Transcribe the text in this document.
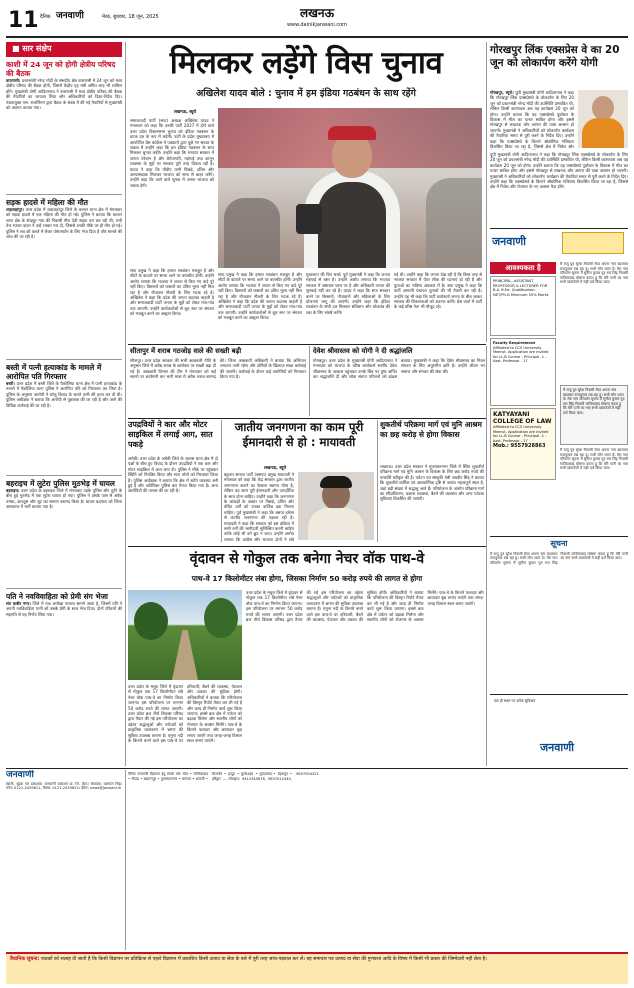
11 दैनिक जनवाणी	मेरठ, बुधवार, 18 जून, 2025	लखनऊ
www.dainikjanwani.com
■ सार संक्षेप
काशी में 24 जून को होगी क्षेत्रीय परिषद की बैठक
वाराणसी। प्रधानमंत्री नरेन्द्र मोदी के संसदीय क्षेत्र वाराणसी में 24 जून को मध्य क्षेत्रीय परिषद की बैठक होगी, जिसमें केंद्रीय गृह मंत्री अमित शाह भी शामिल होंगे। मुख्यमंत्री योगी आदित्यनाथ ने वाराणसी में मध्य क्षेत्रीय परिषद की बैठक की तैयारियों का जायजा लिया और अधिकारियों को दिशा-निर्देश दिए। मंडलायुक्त एस. राजलिंगम द्वारा बैठक के संबंध में की गई तैयारियों से मुख्यमंत्री को अवगत कराया गया।
सड़क हादसे में महिला की मौत
शाहजहांपुर। उत्तर प्रदेश में शाहजहांपुर जिले के कलान थाना क्षेत्र में मंगलवार को सड़क हादसे में एक महिला की मौत हो गई। पुलिस ने बताया कि कलान थाना क्षेत्र के शेखपुर गांव की निवासी मीरा देवी सड़क पार कर रही थी, तभी तेज रफ्तार वाहन ने उन्हें टक्कर मार दी, जिससे उनकी मौके पर ही मौत हो गई। पुलिस ने शव को कब्जे में लेकर पोस्टमार्टम के लिए भेज दिया है और मामले की जांच की जा रही है।
बस्ती में पत्नी हत्याकांड के मामले में आरोपित पति गिरफ्तार
बस्ती। उत्तर प्रदेश में बस्ती जिले के पैकोलिया थाना क्षेत्र में पत्नी हत्याकांड के मामले में पैकोलिया थाना पुलिस ने आरोपित पति को गिरफ्तार कर लिया है। पुलिस के अनुसार आरोपी ने घरेलू विवाद के चलते पत्नी की हत्या कर दी थी। पुलिस अधीक्षक ने बताया कि आरोपी से पूछताछ की जा रही है और आगे की विधिक कार्रवाई की जा रही है।
बहराइच में लुटेरा पुलिस मुठभेड़ में घायल
बहराइच। उत्तर प्रदेश के बहराइच जिले में मंगलवार तड़के पुलिस और लुटेरे के बीच हुई मुठभेड़ में एक लुटेरा घायल हो गया। पुलिस ने उसके पास से अवैध तमंचा, कारतूस और लूट का सामान बरामद किया है। घायल बदमाश को जिला अस्पताल में भर्ती कराया गया है।
पति ने नवविवाहिता को प्रेमी संग भेजा
संत कबीर नगर। जिले में एक अनोखा मामला सामने आया है, जिसमें पति ने अपनी नवविवाहिता पत्नी को उसके प्रेमी के साथ भेज दिया। दोनों परिवारों की सहमति से यह निर्णय लिया गया।
मिलकर लड़ेंगे विस चुनाव
अखिलेश यादव बोले : चुनाव में हम इंडिया गठबंधन के साथ रहेंगे
लखनऊ, ब्यूरो
समाजवादी पार्टी (सपा) अध्यक्ष अखिलेश यादव ने मंगलवार को कहा कि उनकी पार्टी 2027 में होने वाले उत्तर प्रदेश विधानसभा चुनाव को इंडिया गठबंधन के घटक दल के रूप में लड़ेगी। पार्टी के प्रदेश मुख्यालय में आयोजित प्रेस कांफ्रेंस में पत्रकारों द्वारा पूछे गए सवाल के जवाब में उन्होंने कहा कि हम इंडिया गठबंधन के साथ मिलकर चुनाव लड़ेंगे। उन्होंने कहा कि भाजपा सरकार में जनता परेशान है और बेरोजगारी, महंगाई तथा कानून व्यवस्था के मुद्दों पर सरकार पूरी तरह विफल रही है। यादव ने कहा कि पीडीए यानी पिछड़े, दलित और अल्पसंख्यक मिलकर भाजपा को सत्ता से बाहर करेंगे। उन्होंने कहा कि आने वाले चुनाव में जनता भाजपा को जवाब देगी।
सपा प्रमुख ने कहा कि हमारा गठबंधन मजबूत है और सीटों के बंटवारे पर समय आने पर बातचीत होगी। उन्होंने आरोप लगाया कि भाजपा ने जनता से किए गए वादे पूरे नहीं किए। किसानों को फसलों का उचित मूल्य नहीं मिल रहा है और नौजवान नौकरी के लिए भटक रहे हैं। अखिलेश ने कहा कि प्रदेश की जनता बदलाव चाहती है और समाजवादी पार्टी जनता के मुद्दों को लेकर गांव-गांव तक जाएगी। उन्होंने कार्यकर्ताओं से बूथ स्तर पर संगठन को मजबूत करने का आह्वान किया।
मुलाकात की फिर चर्चा। पूर्व मुख्यमंत्री ने कहा कि जनता महंगाई से त्रस्त है। उन्होंने आरोप लगाया कि भाजपा सरकार में भ्रष्टाचार चरम पर है और अधिकारी जनता की सुनवाई नहीं कर रहे हैं। यादव ने कहा कि सपा सरकार बनने पर किसानों, नौजवानों और महिलाओं के लिए योजनाएं लागू की जाएंगी। उन्होंने कहा कि इंडिया गठबंधन के सभी दल मिलकर संविधान और लोकतंत्र की रक्षा के लिए संघर्ष करेंगे।
गई थी। उन्होंने कहा कि जनता देख रही है कि किस तरह से भाजपा सरकार में पेपर लीक की घटनाएं हो रही हैं और युवाओं का भविष्य अंधकार में है। सपा प्रमुख ने कहा कि पार्टी आगामी पंचायत चुनावों की भी तैयारी कर रही है। उन्होंने यह भी कहा कि पार्टी कार्यकर्ता जनता के बीच जाकर सरकार की विफलताओं को उजागर करेंगे। प्रेस वार्ता में पार्टी के कई वरिष्ठ नेता भी मौजूद रहे।
सपा प्रमुख ने कहा कि हमारा गठबंधन मजबूत है और सीटों के बंटवारे पर समय आने पर बातचीत होगी। उन्होंने आरोप लगाया कि भाजपा ने जनता से किए गए वादे पूरे नहीं किए। किसानों को फसलों का उचित मूल्य नहीं मिल रहा है और नौजवान नौकरी के लिए भटक रहे हैं। अखिलेश ने कहा कि प्रदेश की जनता बदलाव चाहती है और समाजवादी पार्टी जनता के मुद्दों को लेकर गांव-गांव तक जाएगी। उन्होंने कार्यकर्ताओं से बूथ स्तर पर संगठन को मजबूत करने का आह्वान किया।
गोरखपुर लिंक एक्सप्रेस वे का 20 जून को लोकार्पण करेंगे योगी
गोरखपुर, ब्यूरो। यूपी मुख्यमंत्री योगी आदित्यनाथ ने कहा कि गोरखपुर लिंक एक्सप्रेसवे के लोकार्पण के लिए 20 जून को प्रधानमंत्री नरेन्द्र मोदी की उपस्थिति प्रस्तावित थी, लेकिन किसी कारणवश अब यह कार्यक्रम 20 जून को होगा। उन्होंने बताया कि यह एक्सप्रेसवे पूर्वांचल के विकास में मील का पत्थर साबित होगा और इससे गोरखपुर से लखनऊ और आगरा की यात्रा आसान हो जाएगी। मुख्यमंत्री ने अधिकारियों को लोकार्पण कार्यक्रम की तैयारियां समय से पूरी करने के निर्देश दिए। उन्होंने कहा कि एक्सप्रेसवे के किनारे औद्योगिक गलियारा विकसित किया जा रहा है, जिससे क्षेत्र में निवेश और
यूपी मुख्यमंत्री योगी आदित्यनाथ ने कहा कि गोरखपुर लिंक एक्सप्रेसवे के लोकार्पण के लिए 20 जून को प्रधानमंत्री नरेन्द्र मोदी की उपस्थिति प्रस्तावित थी, लेकिन किसी कारणवश अब यह कार्यक्रम 20 जून को होगा। उन्होंने बताया कि यह एक्सप्रेसवे पूर्वांचल के विकास में मील का पत्थर साबित होगा और इससे गोरखपुर से लखनऊ और आगरा की यात्रा आसान हो जाएगी। मुख्यमंत्री ने अधिकारियों को लोकार्पण कार्यक्रम की तैयारियां समय से पूरी करने के निर्देश दिए। उन्होंने कहा कि एक्सप्रेसवे के किनारे औद्योगिक गलियारा विकसित किया जा रहा है, जिससे क्षेत्र में निवेश और रोजगार के नए अवसर पैदा होंगे।
जनवाणी
आवश्यकता है
PRINCIPAL, ASSISTANT PROFESSOR & LECTURER FOR B.A. B.Ed. Qualification: NET/Ph.D Minimum 55% Marks
Faculty Requirement
Affiliated to CCS University Meerut. Application are invited for LL.B Course - Principal -1 - Asst. Professor - 17
KATYAYANI COLLEGE OF LAW
Affiliated to CCS University Meerut. Application are invited for LL.B Course - Principal -1 - Asst. Professor - 17
Mob.: 9557928863
मैं राजू पुत्र सुरेश निवासी मेरठ अपना नाम बदलकर राजकुमार रख रहा हूं। सभी लोग ध्यान दें। मेरा नाम परिवर्तन सूचना मैं सुनील कुमार पुत्र राम सिंह निवासी गाजियाबाद घोषणा करता हूं कि मेरी पत्नी का नाम सभी दस्तावेजों में सही दर्ज किया जाए।
मैं राजू पुत्र सुरेश निवासी मेरठ अपना नाम बदलकर राजकुमार रख रहा हूं। सभी लोग ध्यान दें। मेरा नाम परिवर्तन सूचना मैं सुनील कुमार पुत्र राम सिंह निवासी गाजियाबाद घोषणा करता हूं कि मेरी पत्नी का नाम सभी दस्तावेजों में सही दर्ज किया जाए।
मैं राजू पुत्र सुरेश निवासी मेरठ अपना नाम बदलकर राजकुमार रख रहा हूं। सभी लोग ध्यान दें। मेरा नाम परिवर्तन सूचना मैं सुनील कुमार पुत्र राम सिंह निवासी गाजियाबाद घोषणा करता हूं कि मेरी पत्नी का नाम सभी दस्तावेजों में सही दर्ज किया जाए।
सूचना
मैं राजू पुत्र सुरेश निवासी मेरठ अपना नाम बदलकर राजकुमार रख रहा हूं। सभी लोग ध्यान दें। मेरा नाम परिवर्तन सूचना मैं सुनील कुमार पुत्र राम सिंह निवासी गाजियाबाद घोषणा करता हूं कि मेरी पत्नी का नाम सभी दस्तावेजों में सही दर्ज किया जाए।
जनवाणी
एक ही स्थान पर अनेक सुविधाएं
सीतापुर में शराब गठजोड़ वाले की सख्ती बढ़ी
सीतापुर। उत्तर प्रदेश सरकार की सभी आबकारी नीति के अनुसार जिले में अवैध शराब के कारोबार पर सख्ती बढ़ा दी गई है। आबकारी विभाग की टीम ने मंगलवार को कई स्थानों पर छापेमारी कर भारी मात्रा में अवैध शराब बरामद की। जिला आबकारी अधिकारी ने बताया कि अभियान लगातार जारी रहेगा और दोषियों के खिलाफ सख्त कार्रवाई की जाएगी। कार्रवाई के दौरान कई आरोपियों को गिरफ्तार किया गया है।
देवेश श्रीवास्तव को योगी ने दी श्रद्धांजलि
गोरखपुर। उत्तर प्रदेश के मुख्यमंत्री योगी आदित्यनाथ ने मंगलवार को भाजपा के वरिष्ठ कार्यकर्ता स्वर्गीय देवेश श्रीवास्तव के आवास पहुंचकर उनके चित्र पर पुष्प अर्पित कर श्रद्धांजलि दी और शोक संतप्त परिजनों को ढांढस बंधाया। मुख्यमंत्री ने कहा कि देवेश श्रीवास्तव का निधन संगठन के लिए अपूरणीय क्षति है। उन्होंने जीवन भर समाज और संगठन की सेवा की।
उपद्रवियों ने कार और मोटर साइकिल में लगाई आग, सात पकड़े
अमेठी। उत्तर प्रदेश के अमेठी जिले के जायस थाना क्षेत्र में दो पक्षों के बीच हुए विवाद के दौरान उपद्रवियों ने एक कार और मोटर साइकिल में आग लगा दी। पुलिस ने मौके पर पहुंचकर स्थिति को नियंत्रित किया और सात लोगों को गिरफ्तार किया है। पुलिस अधीक्षक ने बताया कि क्षेत्र में शांति व्यवस्था बनी हुई है और अतिरिक्त पुलिस बल तैनात किया गया है। अन्य आरोपियों की तलाश की जा रही है।
जातीय जनगणना का काम पूरी ईमानदारी से हो : मायावती
लखनऊ, ब्यूरो
बहुजन समाज पार्टी (बसपा) प्रमुख मायावती ने मंगलवार को कहा कि केंद्र सरकार द्वारा जातीय जनगणना कराने का फैसला स्वागत योग्य है, लेकिन यह काम पूरी ईमानदारी और पारदर्शिता के साथ होना चाहिए। उन्होंने कहा कि जनगणना के आंकड़ों के आधार पर पिछड़े, दलित और वंचित वर्गों को उनका वाजिब हक मिलना चाहिए। पूर्व मुख्यमंत्री ने कहा कि बसपा हमेशा से जातीय जनगणना की पक्षधर रही है। मायावती ने कहा कि सरकार को इस प्रक्रिया में सभी वर्गों की भागीदारी सुनिश्चित करनी चाहिए ताकि कोई भी वर्ग छूट न जाए। उन्होंने आरोप लगाया कि कांग्रेस और भाजपा दोनों ने लंबे
शुकतीर्थ परिक्रमा मार्ग एवं मुनि आश्रम का छह करोड़ से होगा विकास
लखनऊ। उत्तर प्रदेश सरकार ने मुजफ्फरनगर जिले में स्थित शुकतीर्थ परिक्रमा मार्ग एवं मुनि आश्रम के विकास के लिए छह करोड़ रुपये की धनराशि स्वीकृत की है। पर्यटन एवं संस्कृति मंत्री जयवीर सिंह ने बताया कि शुकतीर्थ धार्मिक एवं आध्यात्मिक दृष्टि से अत्यंत महत्वपूर्ण स्थल है, जहां बड़ी संख्या में श्रद्धालु आते हैं। परियोजना के अंतर्गत परिक्रमा मार्ग का सौंदर्यीकरण, प्रकाश व्यवस्था, बैठने की व्यवस्था और अन्य पर्यटक सुविधाएं विकसित की जाएंगी।
वृंदावन से गोकुल तक बनेगा नेचर वॉक पाथ-वे
पाथ-वे 17 किलोमीटर लंबा होगा, जिसका निर्माण 50 करोड़ रुपये की लागत से होगा
उत्तर प्रदेश के मथुरा जिले में वृंदावन से गोकुल तक 17 किलोमीटर लंबे नेचर वॉक पाथ-वे का निर्माण किया जाएगा। इस परियोजना पर लगभग 50 करोड़ रुपये की लागत आएगी। उत्तर प्रदेश ब्रज तीर्थ विकास परिषद द्वारा तैयार की गई इस परियोजना का उद्देश्य श्रद्धालुओं और पर्यटकों को प्राकृतिक वातावरण में भ्रमण की सुविधा उपलब्ध कराना है। यमुना नदी के किनारे बनने वाले इस पाथ-वे पर हरियाली, बैठने की व्यवस्था, पेयजल और प्रकाश की सुविधा होगी। अधिकारियों ने बताया कि परियोजना की विस्तृत रिपोर्ट तैयार कर ली गई है और जल्द ही निर्माण कार्य शुरू किया जाएगा। इससे ब्रज क्षेत्र में पर्यटन को बढ़ावा मिलेगा और स्थानीय लोगों को रोजगार के अवसर मिलेंगे। पाथ-वे के किनारे फलदार और छायादार वृक्ष लगाए जाएंगे तथा जगह-जगह विश्राम स्थल बनाए जाएंगे।
उत्तर प्रदेश के मथुरा जिले में वृंदावन से गोकुल तक 17 किलोमीटर लंबे नेचर वॉक पाथ-वे का निर्माण किया जाएगा। इस परियोजना पर लगभग 50 करोड़ रुपये की लागत आएगी। उत्तर प्रदेश ब्रज तीर्थ विकास परिषद द्वारा तैयार की गई इस परियोजना का उद्देश्य श्रद्धालुओं और पर्यटकों को प्राकृतिक वातावरण में भ्रमण की सुविधा उपलब्ध कराना है। यमुना नदी के किनारे बनने वाले इस पाथ-वे पर हरियाली, बैठने की व्यवस्था, पेयजल और प्रकाश की सुविधा होगी। अधिकारियों ने बताया कि परियोजना की विस्तृत रिपोर्ट तैयार कर ली गई है और जल्द ही निर्माण कार्य शुरू किया जाएगा। इससे ब्रज क्षेत्र में पर्यटन को बढ़ावा मिलेगा और स्थानीय लोगों को रोजगार के अवसर मिलेंगे। पाथ-वे के किनारे फलदार और छायादार वृक्ष लगाए जाएंगे तथा जगह-जगह विश्राम स्थल बनाए जाएंगे।
जनवाणी
स्वामी, मुद्रक एवं प्रकाशक: जनवाणी प्रकाशन प्रा. लि. मेरठ। संपादक: यशपाल सिंह। फोन: 0121-2439611, फैक्स: 0121-2439622। ईमेल: news@janwani.in
दैनिक जनवाणी विज्ञापन हेतु संपर्क करें: मेरठ • गाजियाबाद • नोएडा • सहारनपुर • मुजफ्फरनगर • बागपत • शामली • बिजनौर • हापुड़ • बुलंदशहर • मुरादाबाद • देहरादून • हरिद्वार — मोबाइल: 9412345678, 9837012345, 9897054321
वैधानिक सूचना: पाठकों को सलाह दी जाती है कि किसी विज्ञापन पर प्रतिक्रिया से पहले विज्ञापन में प्रकाशित किसी उत्पाद या सेवा के बारे में पूरी तरह जांच-पड़ताल कर लें। यह समाचार पत्र उत्पाद या सेवा की गुणवत्ता आदि के विषय में किसी भी प्रकार की जिम्मेदारी नहीं लेता है।
